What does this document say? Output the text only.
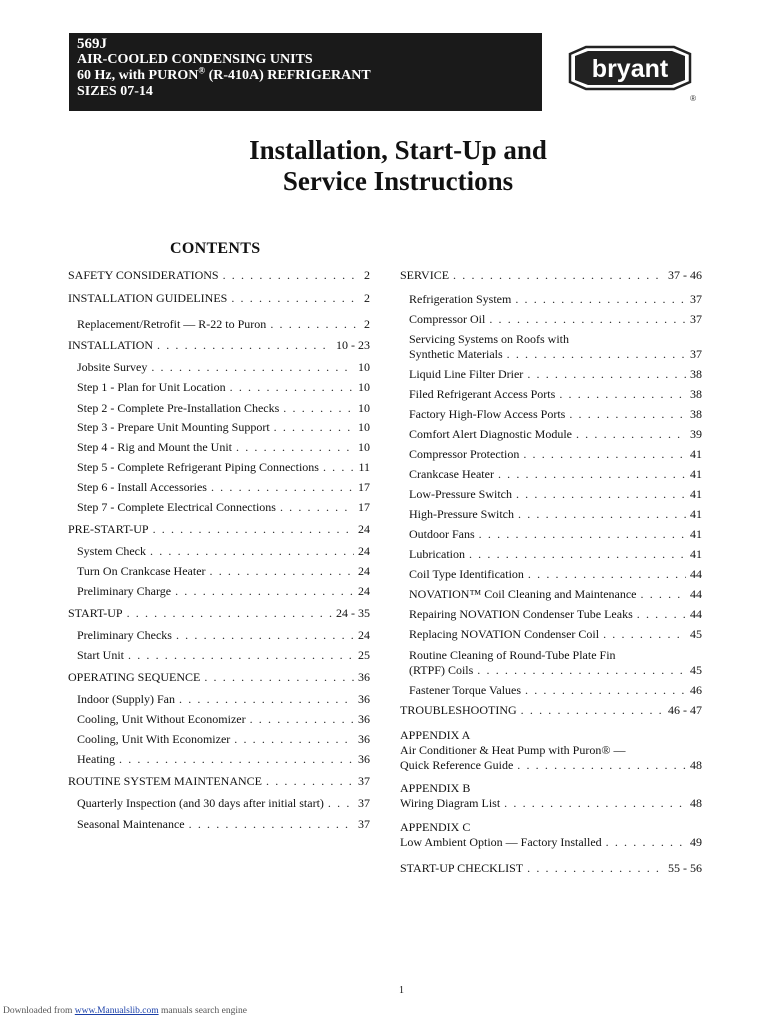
569J
AIR-COOLED CONDENSING UNITS
60 Hz, with PURON® (R-410A) REFRIGERANT
SIZES 07-14
bryant
®
Installation, Start-Up and
Service Instructions
CONTENTS
SAFETY CONSIDERATIONS . . .	2
INSTALLATION GUIDELINES . . .	2
Replacement/Retrofit — R-22 to Puron . . .	2
INSTALLATION . . .	10 - 23
Jobsite Survey . . .	10
Step 1 - Plan for Unit Location . . .	10
Step 2 - Complete Pre-Installation Checks . . .	10
Step 3 - Prepare Unit Mounting Support . . .	10
Step 4 - Rig and Mount the Unit . . .	10
Step 5 - Complete Refrigerant Piping Connections . . .	11
Step 6 - Install Accessories . . .	17
Step 7 - Complete Electrical Connections . . .	17
PRE-START-UP . . .	24
System Check . . .	24
Turn On Crankcase Heater . . .	24
Preliminary Charge . . .	24
START-UP . . .	24 - 35
Preliminary Checks . . .	24
Start Unit . . .	25
OPERATING SEQUENCE . . .	36
Indoor (Supply) Fan . . .	36
Cooling, Unit Without Economizer . . .	36
Cooling, Unit With Economizer . . .	36
Heating . . .	36
ROUTINE SYSTEM MAINTENANCE . . .	37
Quarterly Inspection (and 30 days after initial start) . . .	37
Seasonal Maintenance . . .	37
SERVICE . . .	37 - 46
Refrigeration System . . .	37
Compressor Oil . . .	37
Servicing Systems on Roofs with
Synthetic Materials . . .	37
Liquid Line Filter Drier . . .	38
Filed Refrigerant Access Ports . . .	38
Factory High-Flow Access Ports . . .	38
Comfort Alert Diagnostic Module . . .	39
Compressor Protection . . .	41
Crankcase Heater . . .	41
Low-Pressure Switch . . .	41
High-Pressure Switch . . .	41
Outdoor Fans . . .	41
Lubrication . . .	41
Coil Type Identification . . .	44
NOVATION™ Coil Cleaning and Maintenance . . .	44
Repairing NOVATION Condenser Tube Leaks . . .	44
Replacing NOVATION Condenser Coil . . .	45
Routine Cleaning of Round-Tube Plate Fin
(RTPF) Coils . . .	45
Fastener Torque Values . . .	46
TROUBLESHOOTING . . .	46 - 47
APPENDIX A
Air Conditioner & Heat Pump with Puron® —
Quick Reference Guide . . .	48
APPENDIX B
Wiring Diagram List . . .	48
APPENDIX C
Low Ambient Option — Factory Installed . . .	49
START-UP CHECKLIST . . .	55 - 56
1
Downloaded from www.Manualslib.com manuals search engine
